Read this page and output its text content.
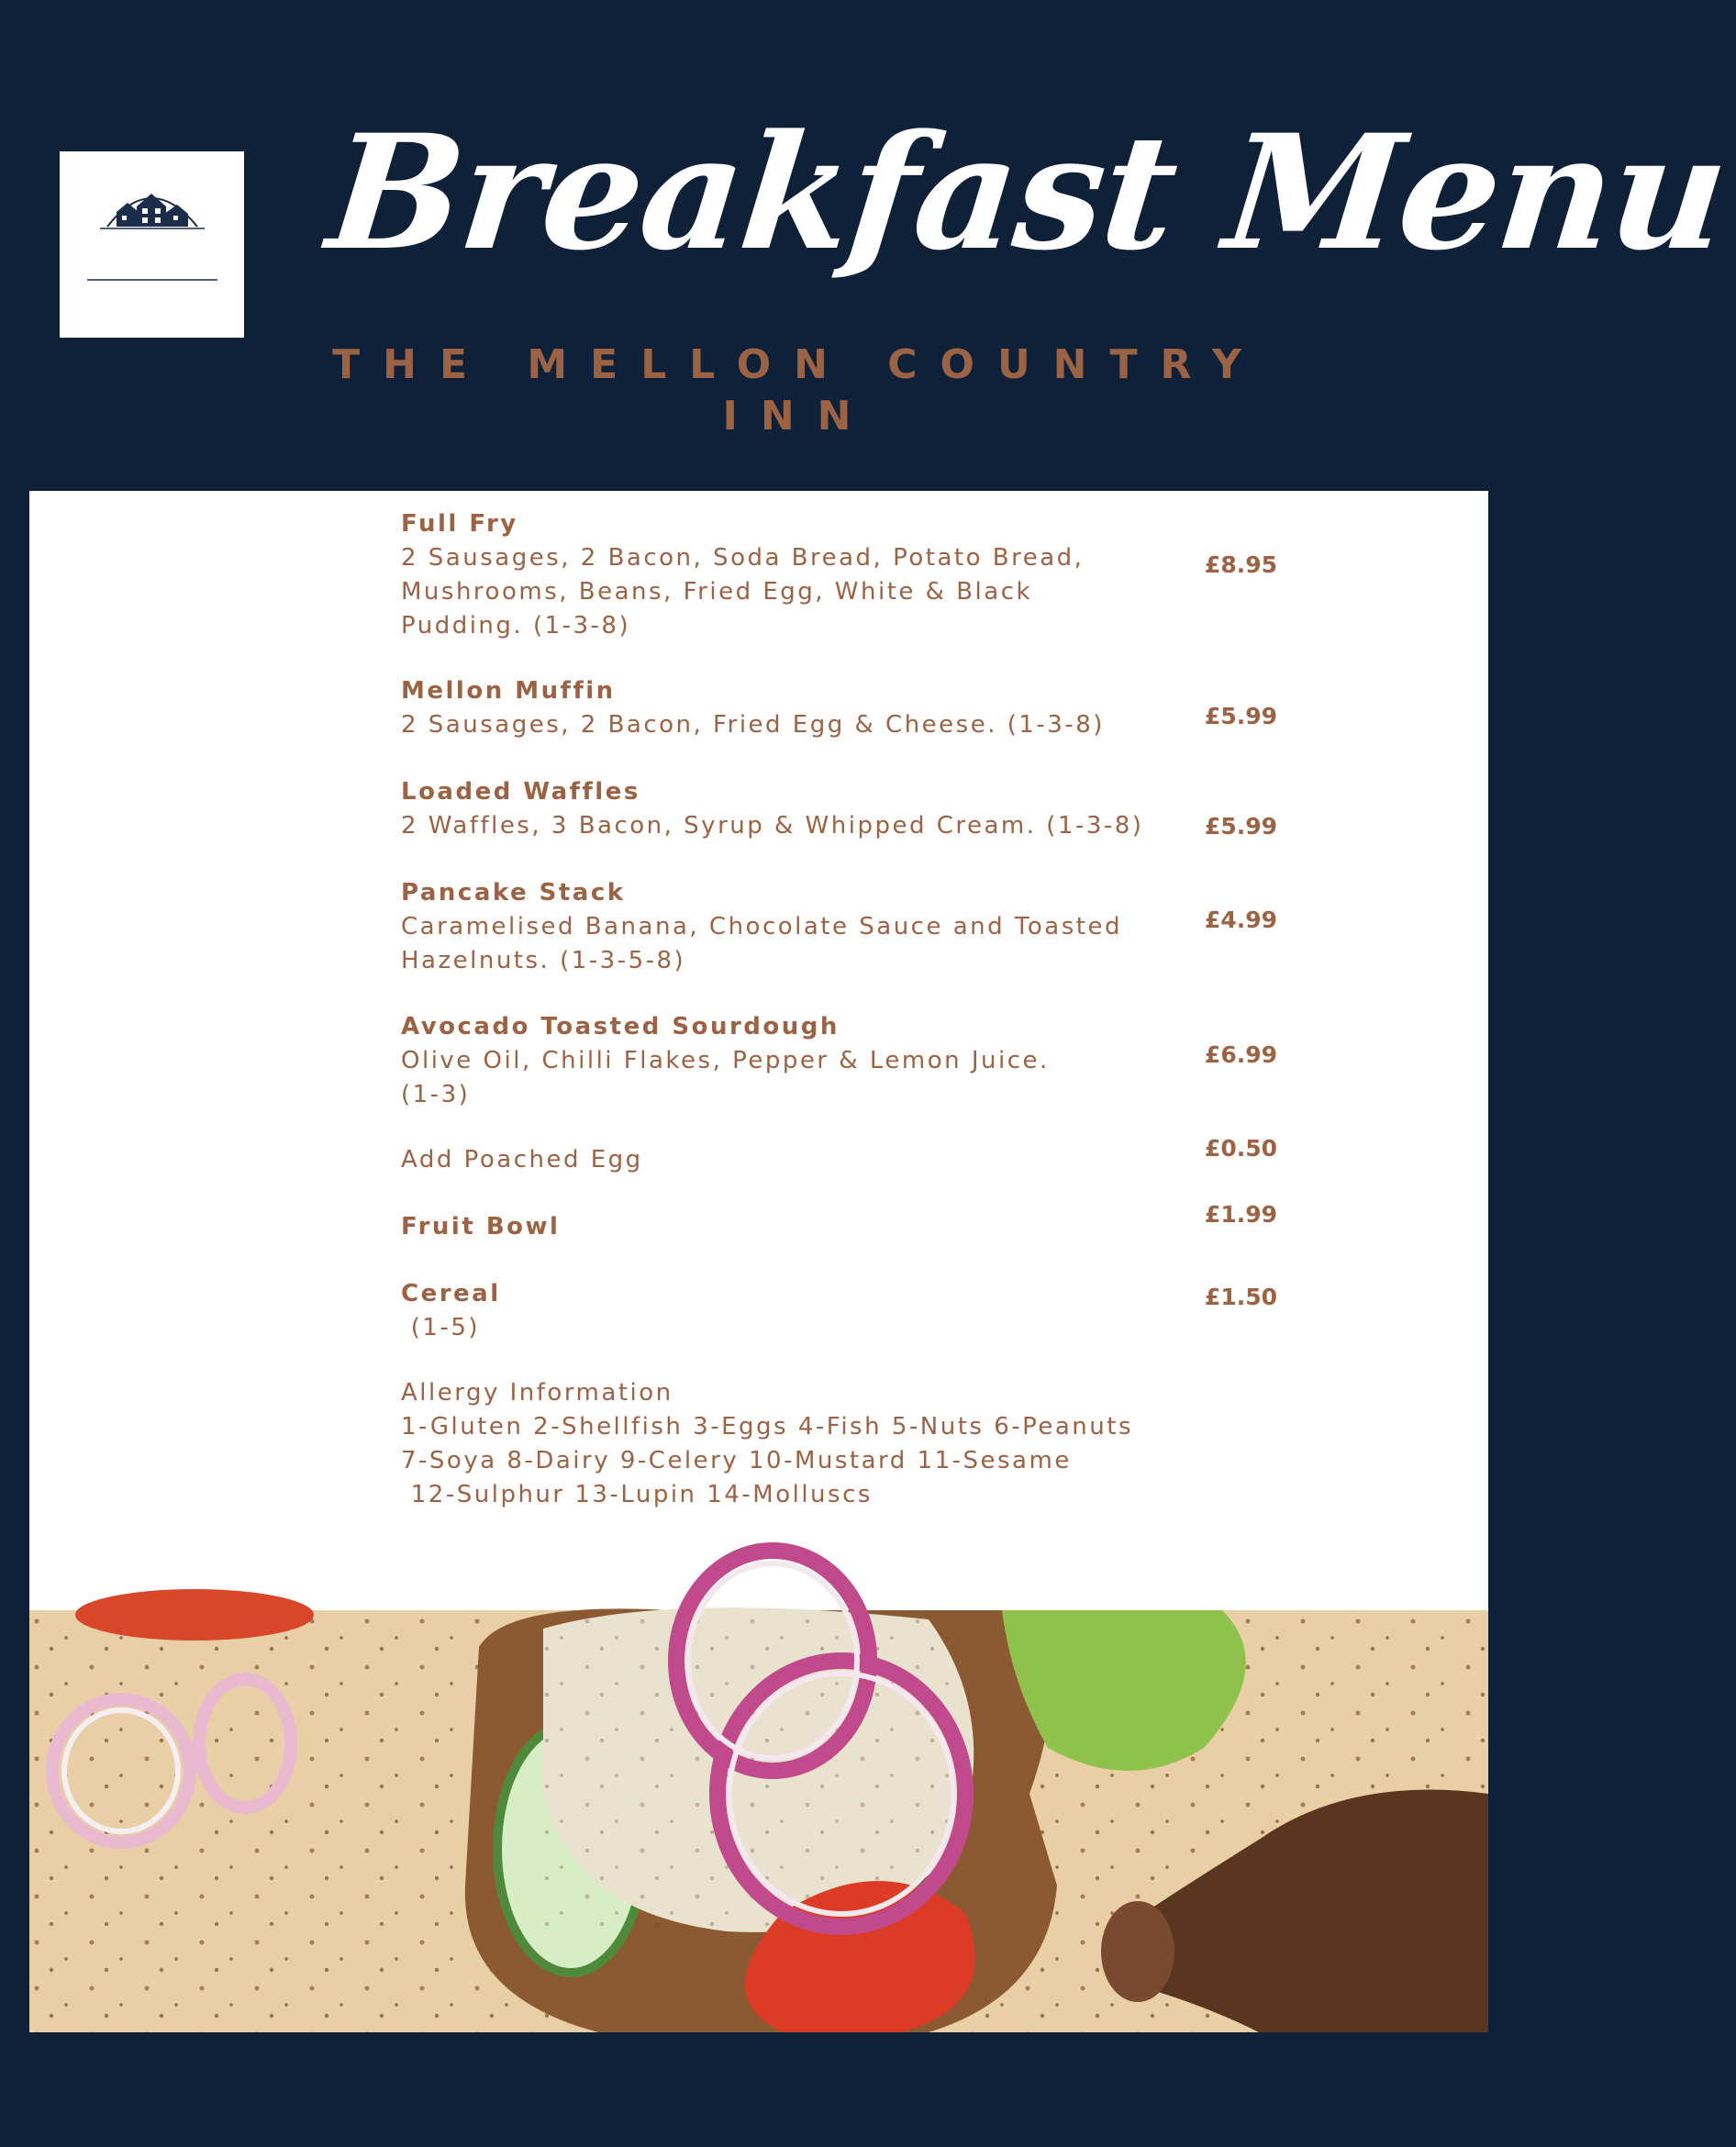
Breakfast Menu
THE MELLON COUNTRY INN
Full Fry
2 Sausages, 2 Bacon, Soda Bread, Potato Bread,
Mushrooms, Beans, Fried Egg, White & Black
Pudding. (1-3-8)
£8.95
Mellon Muffin
2 Sausages, 2 Bacon, Fried Egg & Cheese. (1-3-8)	£5.99
Loaded Waffles
2 Waffles, 3 Bacon, Syrup & Whipped Cream. (1-3-8)	£5.99
Pancake Stack
Caramelised Banana, Chocolate Sauce and Toasted
Hazelnuts. (1-3-5-8)
£4.99
Avocado Toasted Sourdough
Olive Oil, Chilli Flakes, Pepper & Lemon Juice.
(1-3)
£6.99
Add Poached Egg	£0.50
Fruit Bowl	£1.99
Cereal
(1-5)
£1.50
Allergy Information
1-Gluten 2-Shellfish 3-Eggs 4-Fish 5-Nuts 6-Peanuts
7-Soya 8-Dairy 9-Celery 10-Mustard 11-Sesame
12-Sulphur 13-Lupin 14-Molluscs
